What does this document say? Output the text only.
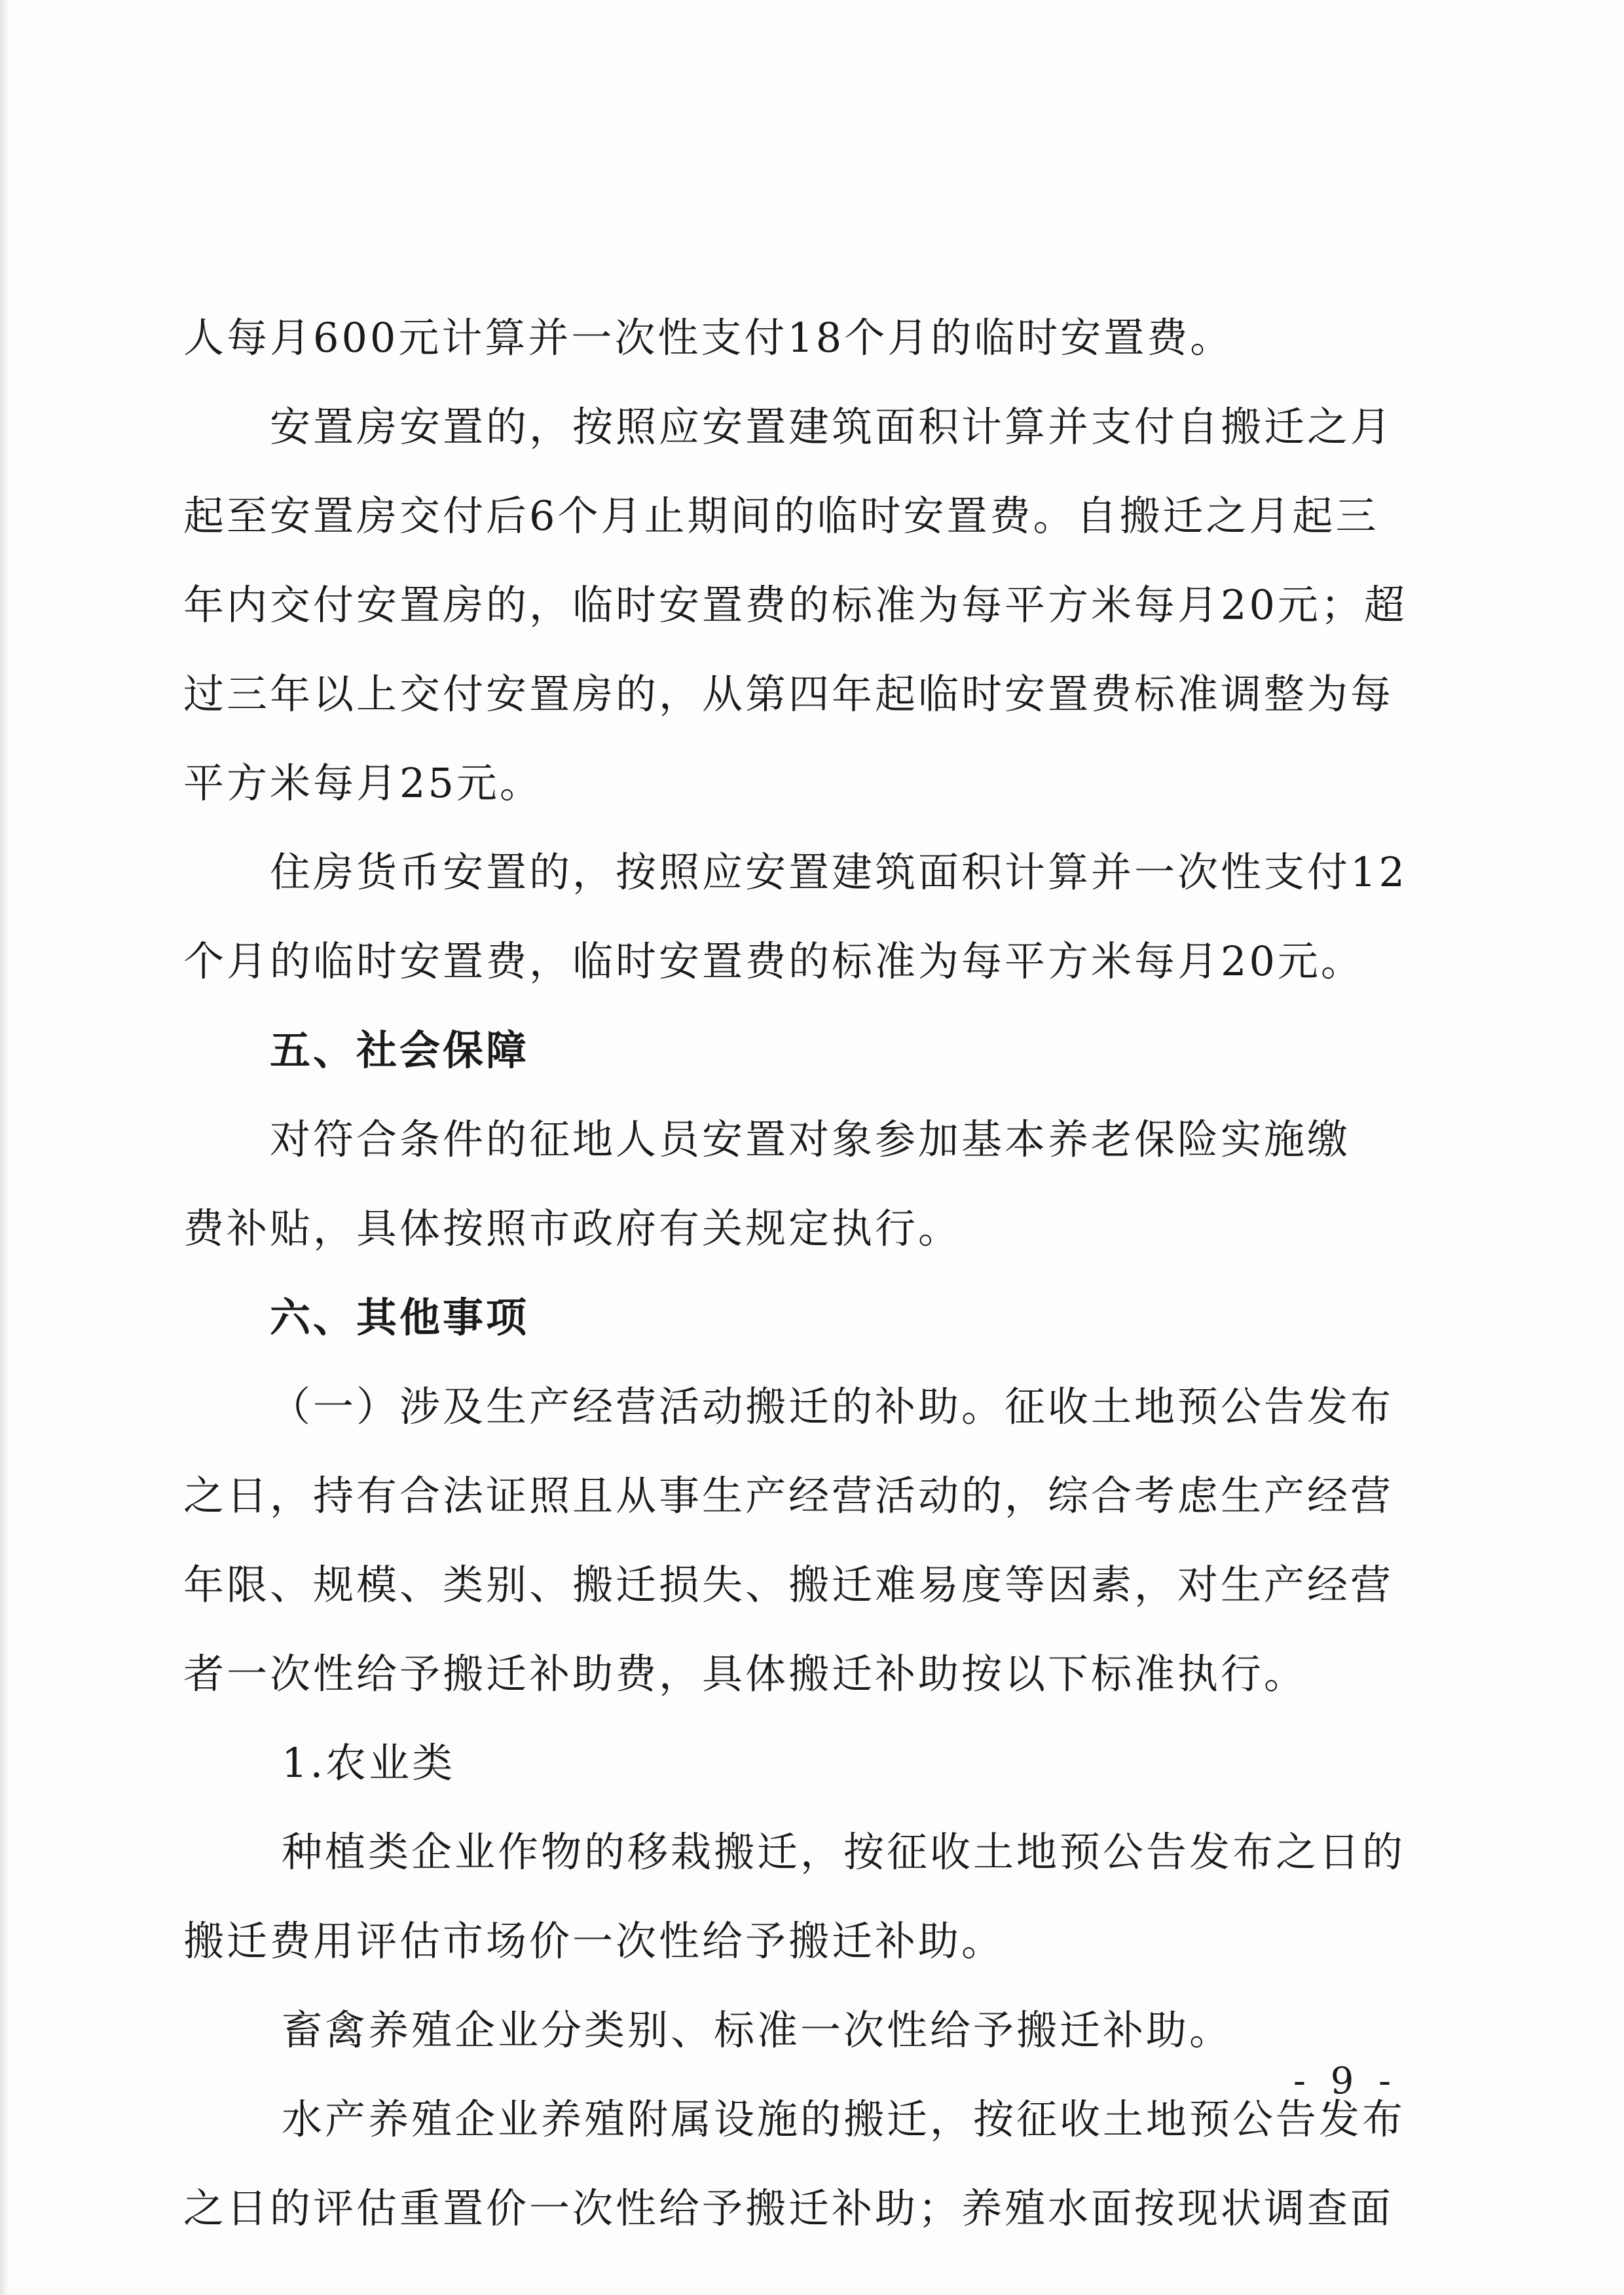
人每月600元计算并一次性支付18个月的临时安置费。
安置房安置的，按照应安置建筑面积计算并支付自搬迁之月
起至安置房交付后6个月止期间的临时安置费。自搬迁之月起三
年内交付安置房的，临时安置费的标准为每平方米每月20元；超
过三年以上交付安置房的，从第四年起临时安置费标准调整为每
平方米每月25元。
住房货币安置的，按照应安置建筑面积计算并一次性支付12
个月的临时安置费，临时安置费的标准为每平方米每月20元。
五、社会保障
对符合条件的征地人员安置对象参加基本养老保险实施缴
费补贴，具体按照市政府有关规定执行。
六、其他事项
（一）涉及生产经营活动搬迁的补助。征收土地预公告发布
之日，持有合法证照且从事生产经营活动的，综合考虑生产经营
年限、规模、类别、搬迁损失、搬迁难易度等因素，对生产经营
者一次性给予搬迁补助费，具体搬迁补助按以下标准执行。
1.农业类
种植类企业作物的移栽搬迁，按征收土地预公告发布之日的
搬迁费用评估市场价一次性给予搬迁补助。
畜禽养殖企业分类别、标准一次性给予搬迁补助。
水产养殖企业养殖附属设施的搬迁，按征收土地预公告发布
之日的评估重置价一次性给予搬迁补助；养殖水面按现状调查面
- 9 -
